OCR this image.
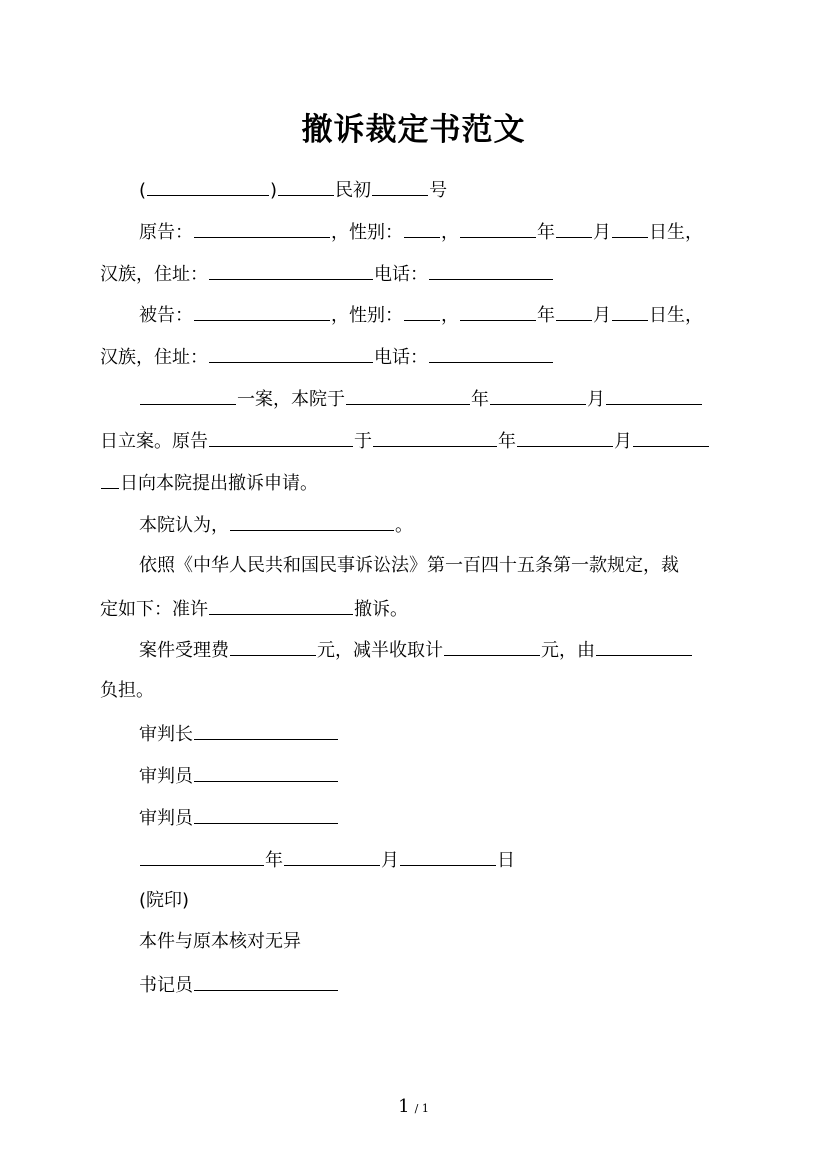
撤诉裁定书范文
(	)	民初	号
原告：	，性别： ，	年 月 日生，
汉族，住址：	电话：
被告：	，性别： ，	年 月 日生，
汉族，住址：	电话：
一案，本院于	年	月
日立案。原告	于	年	月
日向本院提出撤诉申请。
本院认为，	。
依照《中华人民共和国民事诉讼法》第一百四十五条第一款规定，裁
定如下：准许	撤诉。
案件受理费	元，减半收取计	元，由
负担。
审判长
审判员
审判员
年	月	日
(院印)
本件与原本核对无异
书记员
1 / 1
